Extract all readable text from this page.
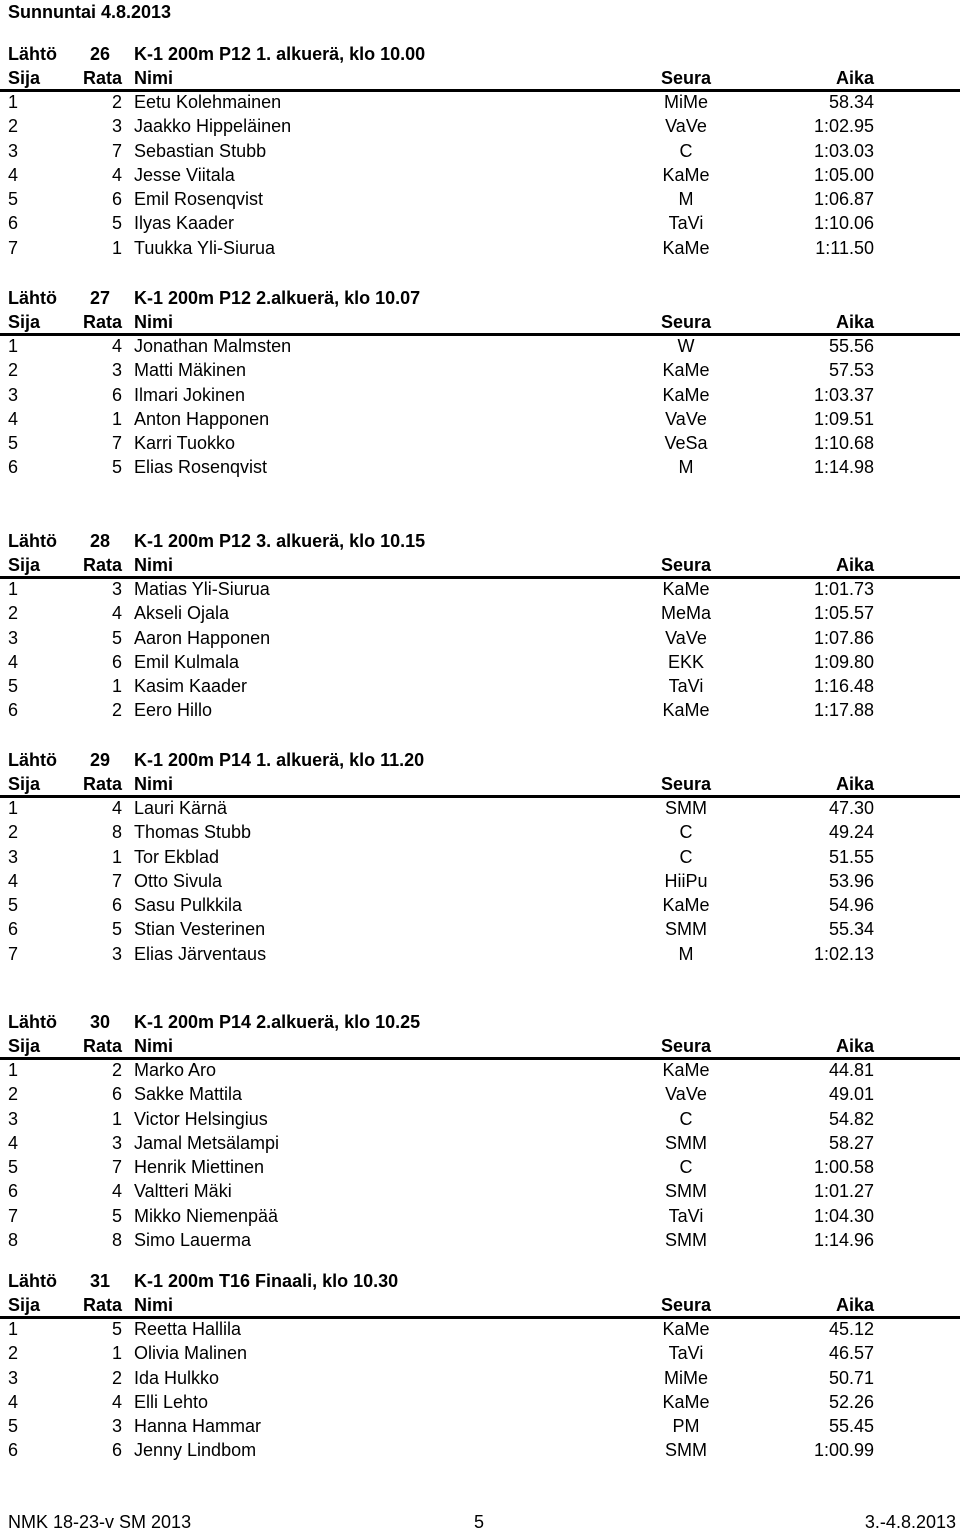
Sunnuntai 4.8.2013
Lähtö 26 K-1 200m P12 1. alkuerä, klo 10.00
Sija Rata Nimi	Seura	Aika
1	2 Eetu Kolehmainen	MiMe	58.34
2	3 Jaakko Hippeläinen	VaVe	1:02.95
3	7 Sebastian Stubb	C	1:03.03
4	4 Jesse Viitala	KaMe	1:05.00
5	6 Emil Rosenqvist	M	1:06.87
6	5 Ilyas Kaader	TaVi	1:10.06
7	1 Tuukka Yli-Siurua	KaMe	1:11.50
Lähtö 27 K-1 200m P12 2.alkuerä, klo 10.07
Sija Rata Nimi	Seura	Aika
1	4 Jonathan Malmsten	W	55.56
2	3 Matti Mäkinen	KaMe	57.53
3	6 Ilmari Jokinen	KaMe	1:03.37
4	1 Anton Happonen	VaVe	1:09.51
5	7 Karri Tuokko	VeSa	1:10.68
6	5 Elias Rosenqvist	M	1:14.98
Lähtö 28 K-1 200m P12 3. alkuerä, klo 10.15
Sija Rata Nimi	Seura	Aika
1	3 Matias Yli-Siurua	KaMe	1:01.73
2	4 Akseli Ojala	MeMa	1:05.57
3	5 Aaron Happonen	VaVe	1:07.86
4	6 Emil Kulmala	EKK	1:09.80
5	1 Kasim Kaader	TaVi	1:16.48
6	2 Eero Hillo	KaMe	1:17.88
Lähtö 29 K-1 200m P14 1. alkuerä, klo 11.20
Sija Rata Nimi	Seura	Aika
1	4 Lauri Kärnä	SMM	47.30
2	8 Thomas Stubb	C	49.24
3	1 Tor Ekblad	C	51.55
4	7 Otto Sivula	HiiPu	53.96
5	6 Sasu Pulkkila	KaMe	54.96
6	5 Stian Vesterinen	SMM	55.34
7	3 Elias Järventaus	M	1:02.13
Lähtö 30 K-1 200m P14 2.alkuerä, klo 10.25
Sija Rata Nimi	Seura	Aika
1	2 Marko Aro	KaMe	44.81
2	6 Sakke Mattila	VaVe	49.01
3	1 Victor Helsingius	C	54.82
4	3 Jamal Metsälampi	SMM	58.27
5	7 Henrik Miettinen	C	1:00.58
6	4 Valtteri Mäki	SMM	1:01.27
7	5 Mikko Niemenpää	TaVi	1:04.30
8	8 Simo Lauerma	SMM	1:14.96
Lähtö 31 K-1 200m T16 Finaali, klo 10.30
Sija Rata Nimi	Seura	Aika
1	5 Reetta Hallila	KaMe	45.12
2	1 Olivia Malinen	TaVi	46.57
3	2 Ida Hulkko	MiMe	50.71
4	4 Elli Lehto	KaMe	52.26
5	3 Hanna Hammar	PM	55.45
6	6 Jenny Lindbom	SMM	1:00.99
NMK 18-23-v SM 2013	5	3.-4.8.2013
